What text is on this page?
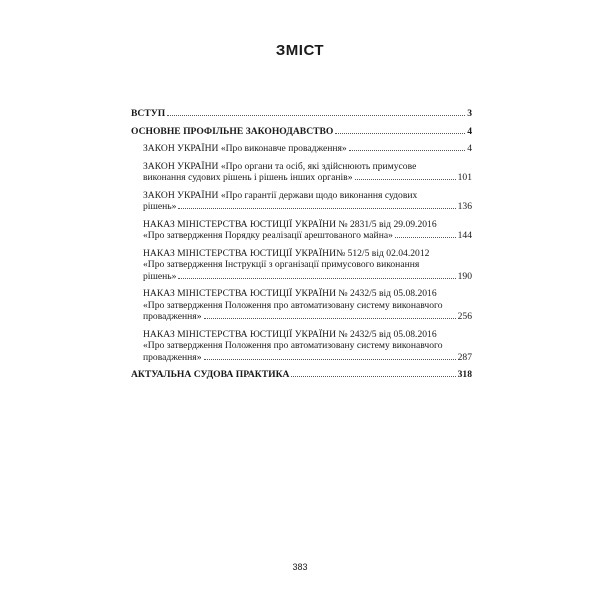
ЗМІСТ
ВСТУП	3
ОСНОВНЕ ПРОФІЛЬНЕ ЗАКОНОДАВСТВО	4
ЗАКОН УКРАЇНИ «Про виконавче провадження»	4
ЗАКОН УКРАЇНИ «Про органи та осіб, які здійснюють примусове
виконання судових рішень і рішень інших органів»	101
ЗАКОН УКРАЇНИ «Про гарантії держави щодо виконання судових
рішень»	136
НАКАЗ МІНІСТЕРСТВА ЮСТИЦІЇ УКРАЇНИ № 2831/5 від 29.09.2016
«Про затвердження Порядку реалізації арештованого майна»	144
НАКАЗ МІНІСТЕРСТВА ЮСТИЦІЇ УКРАЇНИ№ 512/5 від 02.04.2012
«Про затвердження Інструкції з організації примусового виконання
рішень»	190
НАКАЗ МІНІСТЕРСТВА ЮСТИЦІЇ УКРАЇНИ № 2432/5 від 05.08.2016
«Про затвердження Положення про автоматизовану систему виконавчого
провадження»	256
НАКАЗ МІНІСТЕРСТВА ЮСТИЦІЇ УКРАЇНИ № 2432/5 від 05.08.2016
«Про затвердження Положення про автоматизовану систему виконавчого
провадження»	287
АКТУАЛЬНА СУДОВА ПРАКТИКА	318
383
